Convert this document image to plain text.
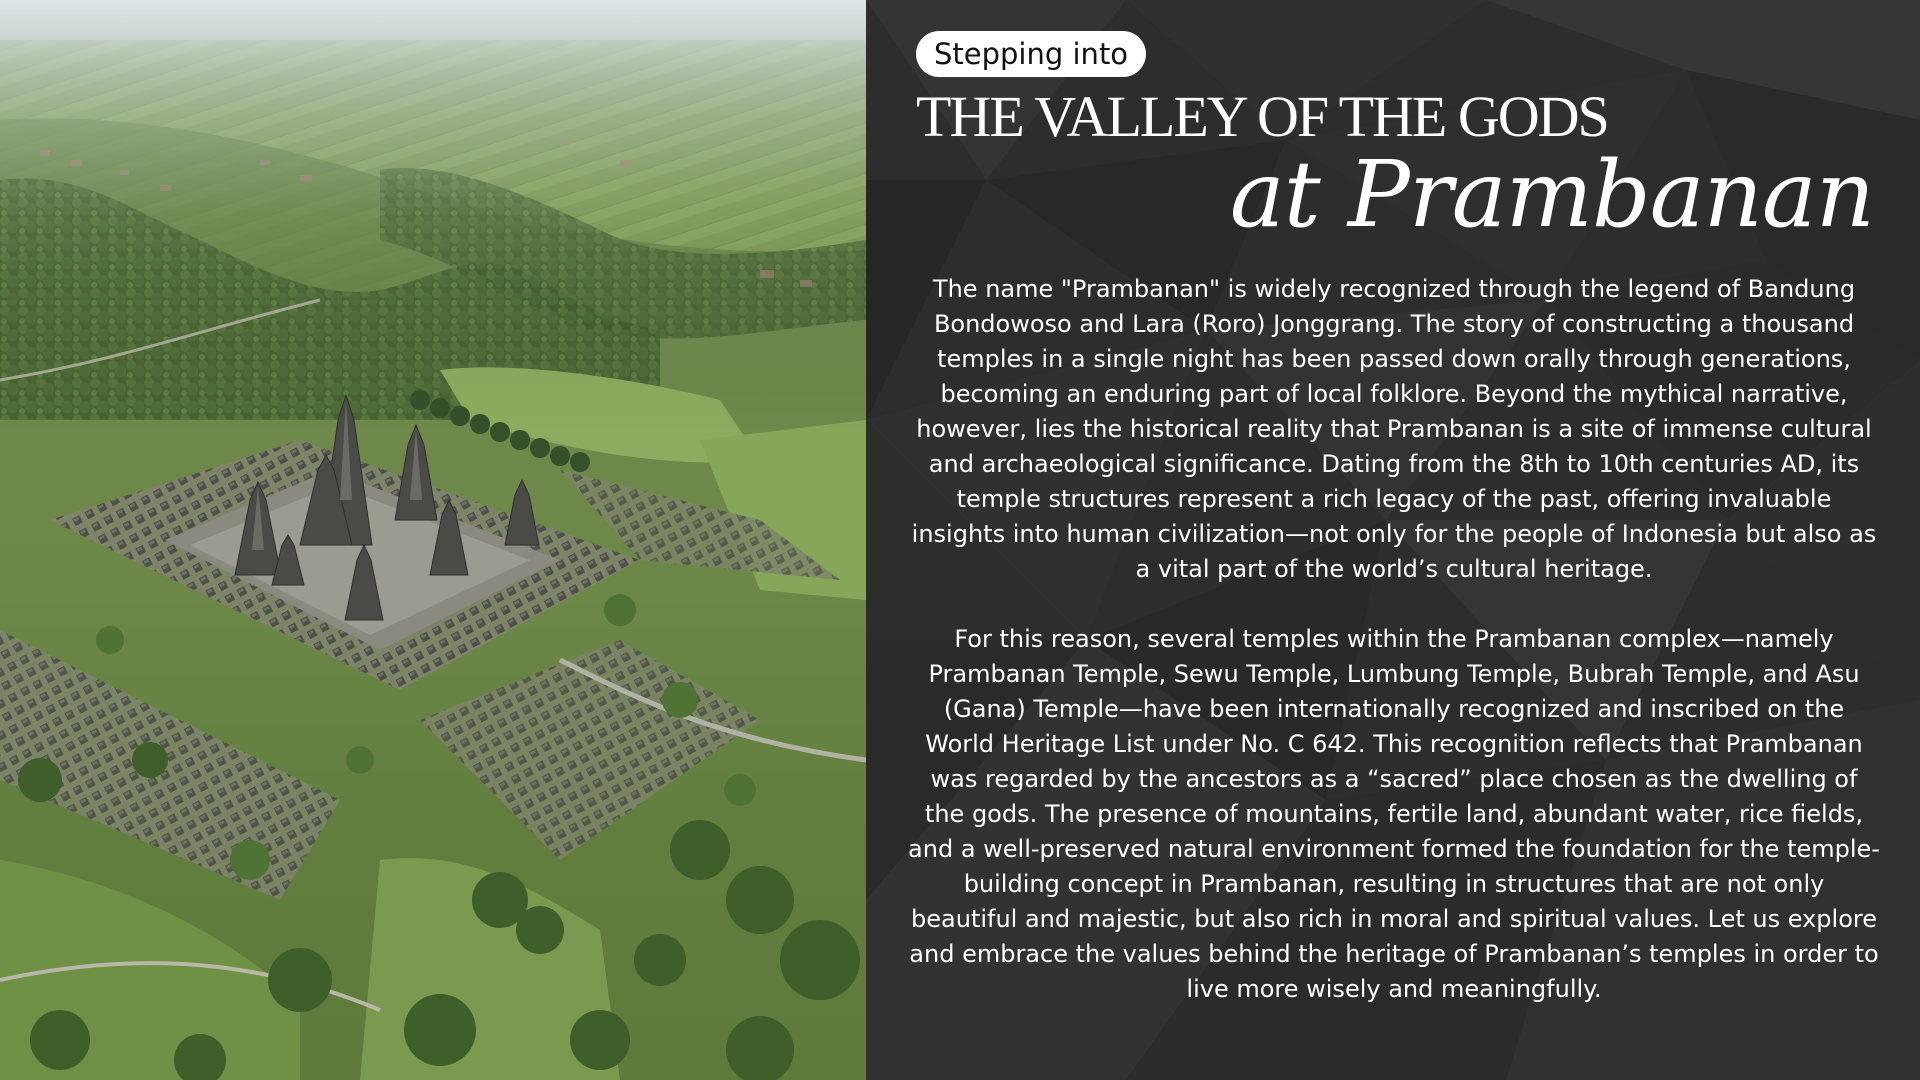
Stepping into
THE VALLEY OF THE GODS
at Prambanan

The name "Prambanan" is widely recognized through the legend of Bandung Bondowoso and Lara (Roro) Jonggrang. The story of constructing a thousand temples in a single night has been passed down orally through generations, becoming an enduring part of local folklore. Beyond the mythical narrative, however, lies the historical reality that Prambanan is a site of immense cultural and archaeological significance. Dating from the 8th to 10th centuries AD, its temple structures represent a rich legacy of the past, offering invaluable insights into human civilization—not only for the people of Indonesia but also as a vital part of the world’s cultural heritage.

For this reason, several temples within the Prambanan complex—namely Prambanan Temple, Sewu Temple, Lumbung Temple, Bubrah Temple, and Asu (Gana) Temple—have been internationally recognized and inscribed on the World Heritage List under No. C 642. This recognition reflects that Prambanan was regarded by the ancestors as a “sacred” place chosen as the dwelling of the gods. The presence of mountains, fertile land, abundant water, rice fields, and a well-preserved natural environment formed the foundation for the temple-building concept in Prambanan, resulting in structures that are not only beautiful and majestic, but also rich in moral and spiritual values. Let us explore and embrace the values behind the heritage of Prambanan’s temples in order to live more wisely and meaningfully.
